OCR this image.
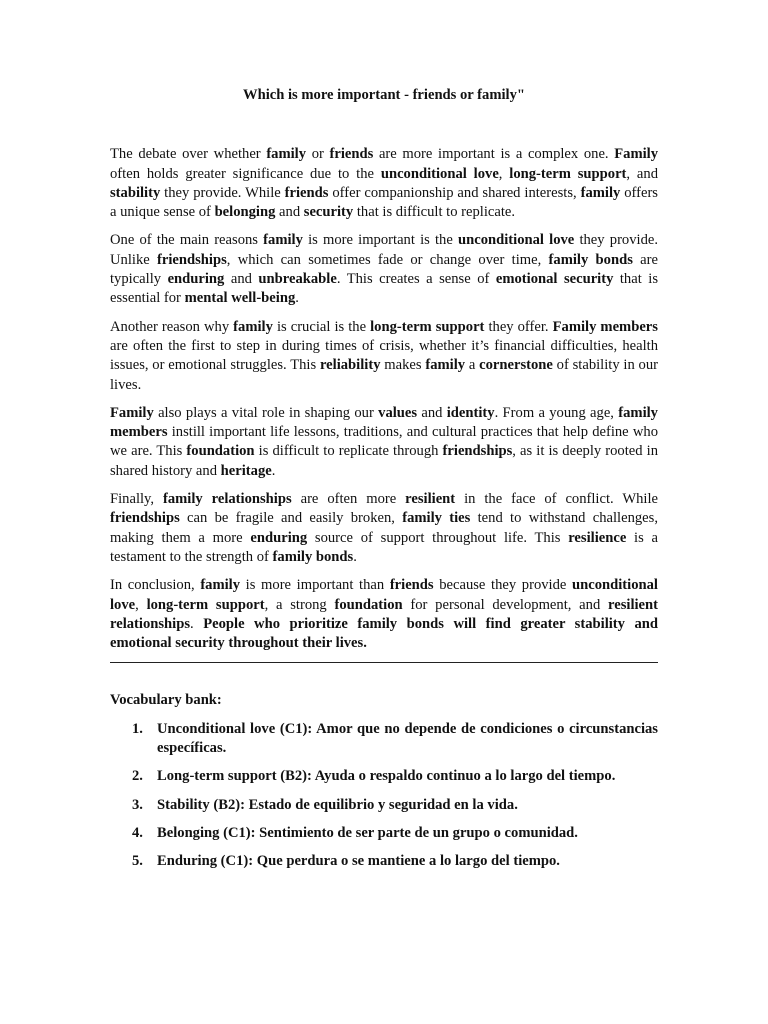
Which is more important - friends or family"

The debate over whether family or friends are more important is a complex one. Family often holds greater significance due to the unconditional love, long-term support, and stability they provide. While friends offer companionship and shared interests, family offers a unique sense of belonging and security that is difficult to replicate.

One of the main reasons family is more important is the unconditional love they provide. Unlike friendships, which can sometimes fade or change over time, family bonds are typically enduring and unbreakable. This creates a sense of emotional security that is essential for mental well-being.

Another reason why family is crucial is the long-term support they offer. Family members are often the first to step in during times of crisis, whether it’s financial difficulties, health issues, or emotional struggles. This reliability makes family a cornerstone of stability in our lives.

Family also plays a vital role in shaping our values and identity. From a young age, family members instill important life lessons, traditions, and cultural practices that help define who we are. This foundation is difficult to replicate through friendships, as it is deeply rooted in shared history and heritage.

Finally, family relationships are often more resilient in the face of conflict. While friendships can be fragile and easily broken, family ties tend to withstand challenges, making them a more enduring source of support throughout life. This resilience is a testament to the strength of family bonds.

In conclusion, family is more important than friends because they provide unconditional love, long-term support, a strong foundation for personal development, and resilient relationships. People who prioritize family bonds will find greater stability and emotional security throughout their lives.

Vocabulary bank:
1. Unconditional love (C1): Amor que no depende de condiciones o circunstancias específicas.
2. Long-term support (B2): Ayuda o respaldo continuo a lo largo del tiempo.
3. Stability (B2): Estado de equilibrio y seguridad en la vida.
4. Belonging (C1): Sentimiento de ser parte de un grupo o comunidad.
5. Enduring (C1): Que perdura o se mantiene a lo largo del tiempo.
